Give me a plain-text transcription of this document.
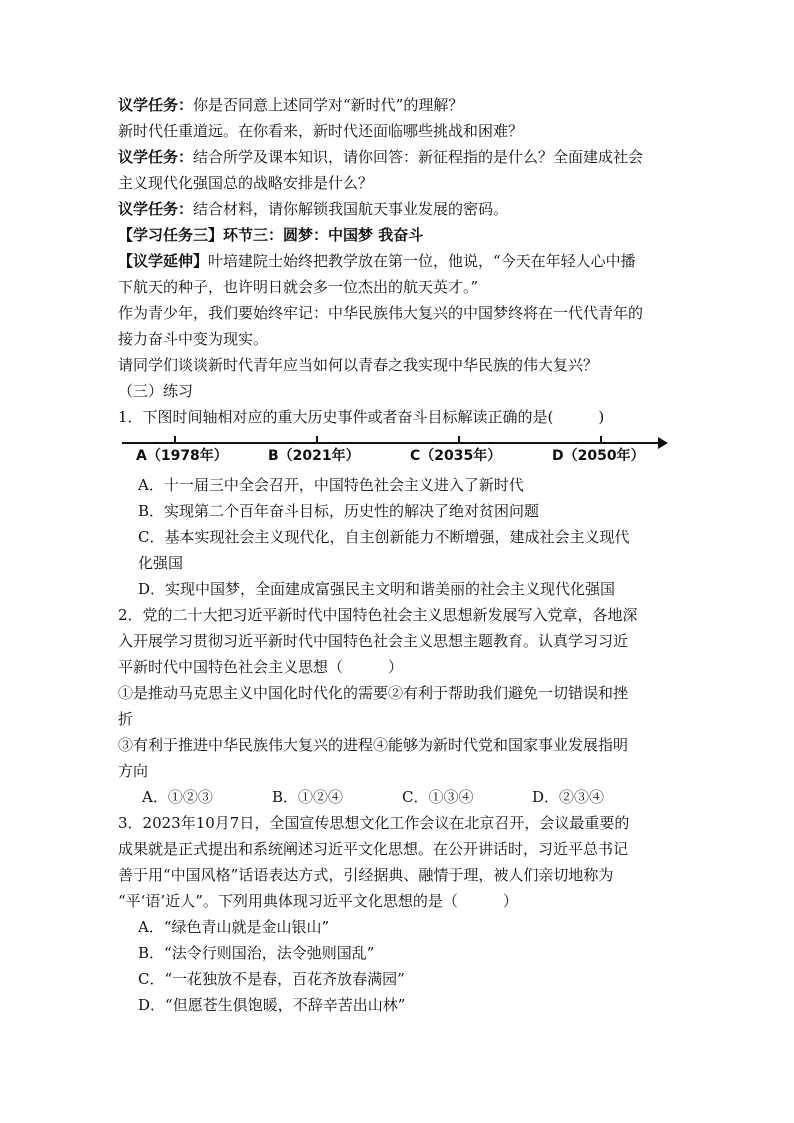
议学任务：你是否同意上述同学对“新时代”的理解？
新时代任重道远。在你看来，新时代还面临哪些挑战和困难？
议学任务：结合所学及课本知识，请你回答：新征程指的是什么？全面建成社会
主义现代化强国总的战略安排是什么？
议学任务：结合材料，请你解锁我国航天事业发展的密码。
【学习任务三】环节三：圆梦：中国梦 我奋斗
【议学延伸】叶培建院士始终把教学放在第一位，他说，“今天在年轻人心中播
下航天的种子，也许明日就会多一位杰出的航天英才。”
作为青少年，我们要始终牢记：中华民族伟大复兴的中国梦终将在一代代青年的
接力奋斗中变为现实。
请同学们谈谈新时代青年应当如何以青春之我实现中华民族的伟大复兴？
（三）练习
1．下图时间轴相对应的重大历史事件或者奋斗目标解读正确的是(　　　)
A（1978年）	B（2021年）	C（2035年）	D（2050年）
A．十一届三中全会召开，中国特色社会主义进入了新时代
B．实现第二个百年奋斗目标，历史性的解决了绝对贫困问题
C．基本实现社会主义现代化，自主创新能力不断增强，建成社会主义现代
化强国
D．实现中国梦，全面建成富强民主文明和谐美丽的社会主义现代化强国
2．党的二十大把习近平新时代中国特色社会主义思想新发展写入党章，各地深
入开展学习贯彻习近平新时代中国特色社会主义思想主题教育。认真学习习近
平新时代中国特色社会主义思想（　　　）
①是推动马克思主义中国化时代化的需要②有利于帮助我们避免一切错误和挫
折
③有利于推进中华民族伟大复兴的进程④能够为新时代党和国家事业发展指明
方向
A．①②③	B．①②④	C．①③④	D．②③④
3．2023年10月7日，全国宣传思想文化工作会议在北京召开，会议最重要的
成果就是正式提出和系统阐述习近平文化思想。在公开讲话时，习近平总书记
善于用“中国风格”话语表达方式，引经据典、融情于理，被人们亲切地称为
“平‘语’近人”。下列用典体现习近平文化思想的是（　　　）
A．“绿色青山就是金山银山”
B．“法令行则国治，法令弛则国乱”
C．“一花独放不是春，百花齐放春满园”
D．“但愿苍生俱饱暖，不辞辛苦出山林”
